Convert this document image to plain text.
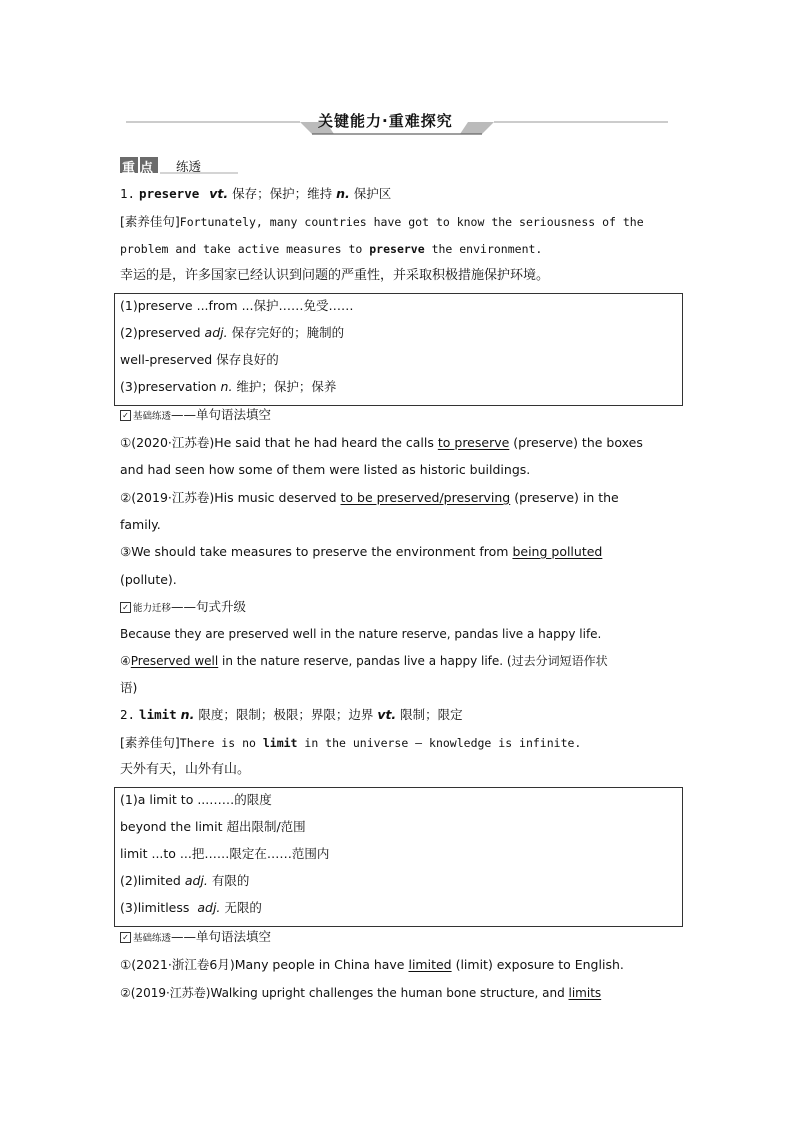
关键能力·重难探究
重点 练透
1. preserve vt. 保存；保护；维持 n. 保护区
[素养佳句]Fortunately, many countries have got to know the seriousness of the
problem and take active measures to preserve the environment.
幸运的是，许多国家已经认识到问题的严重性，并采取积极措施保护环境。
(1)preserve ...from ...保护……免受……
(2)preserved adj. 保存完好的；腌制的
well-preserved 保存良好的
(3)preservation n. 维护；保护；保养
✓ 基础练透——单句语法填空
①(2020·江苏卷)He said that he had heard the calls to preserve (preserve) the boxes
and had seen how some of them were listed as historic buildings.
②(2019·江苏卷)His music deserved to be preserved/preserving (preserve) in the
family.
③We should take measures to preserve the environment from being polluted
(pollute).
✓ 能力迁移——句式升级
Because they are preserved well in the nature reserve, pandas live a happy life.
④Preserved well in the nature reserve, pandas live a happy life. (过去分词短语作状
语)
2. limit n. 限度；限制；极限；界限；边界 vt. 限制；限定
[素养佳句]There is no limit in the universe — knowledge is infinite.
天外有天，山外有山。
(1)a limit to ...……的限度
beyond the limit 超出限制/范围
limit ...to ...把……限定在……范围内
(2)limited adj. 有限的
(3)limitless  adj. 无限的
✓ 基础练透——单句语法填空
①(2021·浙江卷6月)Many people in China have limited (limit) exposure to English.
②(2019·江苏卷)Walking upright challenges the human bone structure, and limits
